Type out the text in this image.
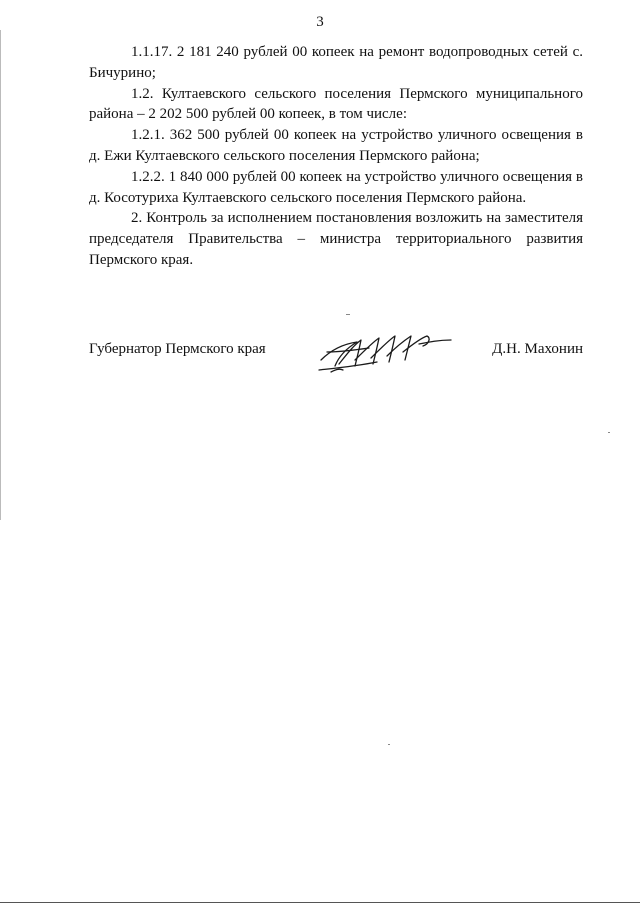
3

1.1.17. 2 181 240 рублей 00 копеек на ремонт водопроводных сетей с. Бичурино;

1.2. Култаевского сельского поселения Пермского муниципального района – 2 202 500 рублей 00 копеек, в том числе:

1.2.1. 362 500 рублей 00 копеек на устройство уличного освещения в д. Ежи Култаевского сельского поселения Пермского района;

1.2.2. 1 840 000 рублей 00 копеек на устройство уличного освещения в д. Косотуриха Култаевского сельского поселения Пермского района.

2. Контроль за исполнением постановления возложить на заместителя председателя Правительства – министра территориального развития Пермского края.

Губернатор Пермского края	Д.Н. Махонин
